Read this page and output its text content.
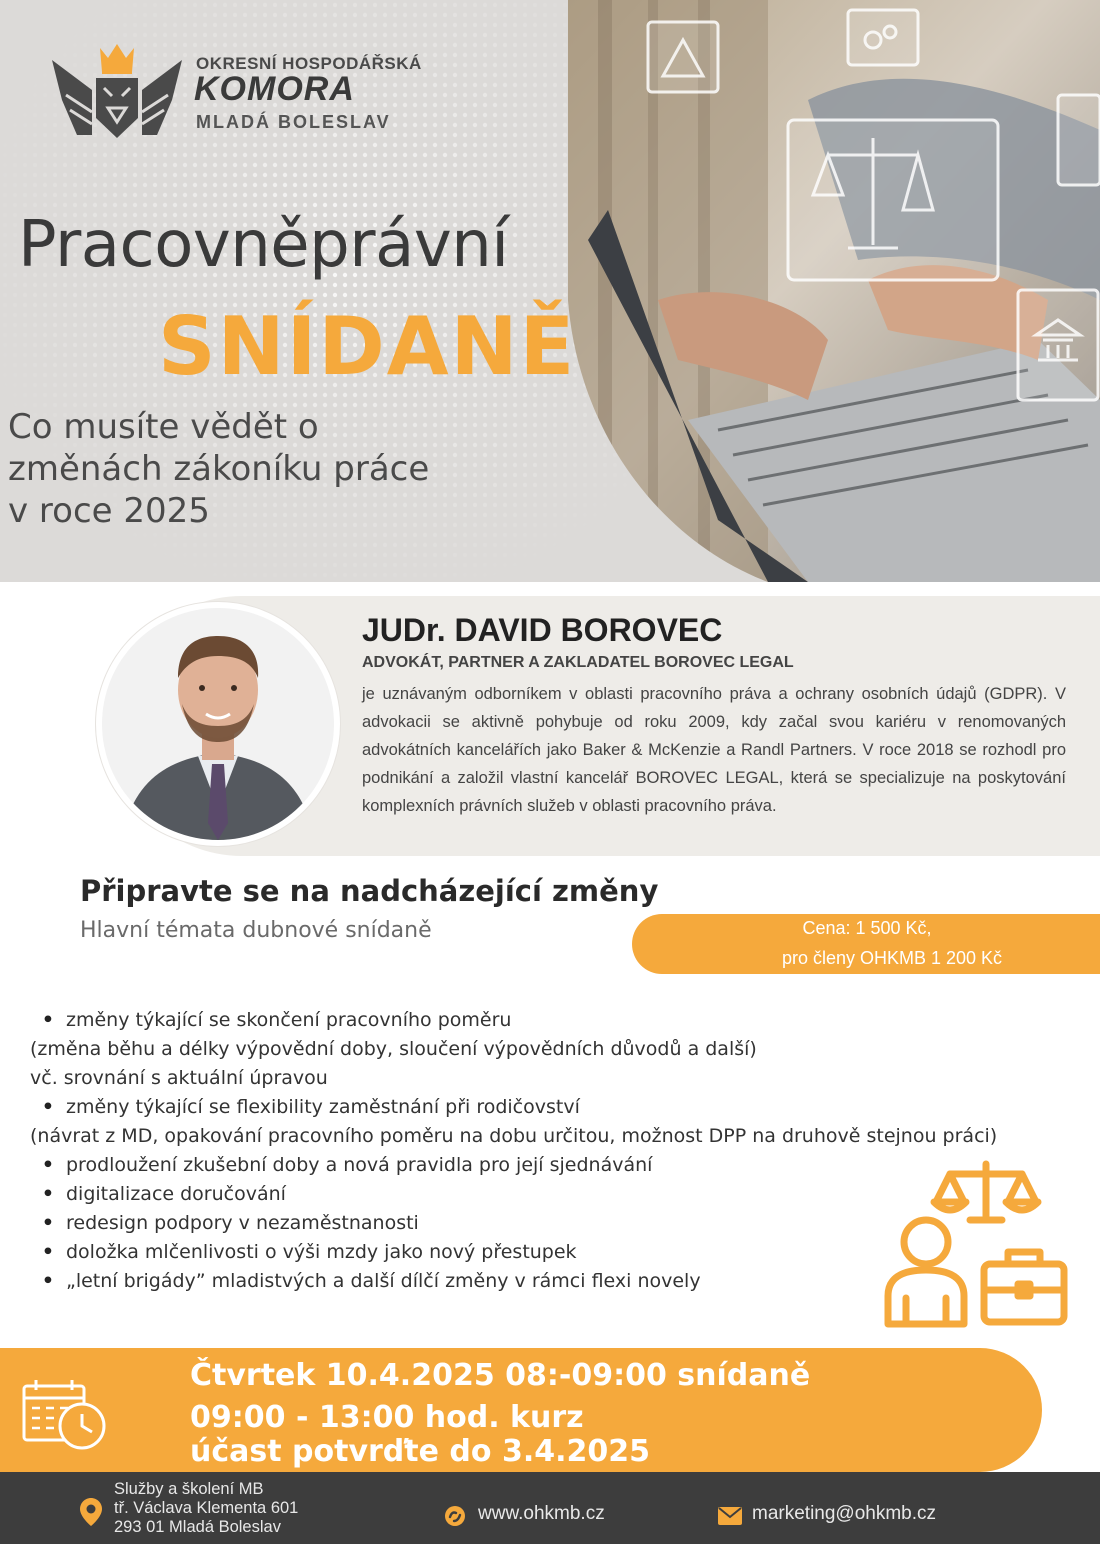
OKRESNÍ HOSPODÁŘSKÁ
KOMORA
MLADÁ BOLESLAV
Pracovněprávní
SNÍDANĚ
Co musíte vědět o
změnách zákoníku práce
v roce 2025
JUDr. DAVID BOROVEC
ADVOKÁT, PARTNER A ZAKLADATEL BOROVEC LEGAL
je uznávaným odborníkem v oblasti pracovního práva a ochrany osobních údajů (GDPR). V advokacii se aktivně pohybuje od roku 2009, kdy začal svou kariéru v renomovaných advokátních kancelářích jako Baker & McKenzie a Randl Partners. V roce 2018 se rozhodl pro podnikání a založil vlastní kancelář BOROVEC LEGAL, která se specializuje na poskytování komplexních právních služeb v oblasti pracovního práva.
Připravte se na nadcházející změny
Hlavní témata dubnové snídaně	Cena: 1 500 Kč,
pro členy OHKMB 1 200 Kč
• změny týkající se skončení pracovního poměru
(změna běhu a délky výpovědní doby, sloučení výpovědních důvodů a další)
vč. srovnání s aktuální úpravou
• změny týkající se flexibility zaměstnání při rodičovství
(návrat z MD, opakování pracovního poměru na dobu určitou, možnost DPP na druhově stejnou práci)
• prodloužení zkušební doby a nová pravidla pro její sjednávání
• digitalizace doručování
• redesign podpory v nezaměstnanosti
• doložka mlčenlivosti o výši mzdy jako nový přestupek
• „letní brigády” mladistvých a další dílčí změny v rámci flexi novely
Čtvrtek 10.4.2025 08:-09:00 snídaně
09:00 - 13:00 hod. kurz
účast potvrďte do 3.4.2025
Služby a školení MB
tř. Václava Klementa 601
293 01 Mladá Boleslav
www.ohkmb.cz	marketing@ohkmb.cz
